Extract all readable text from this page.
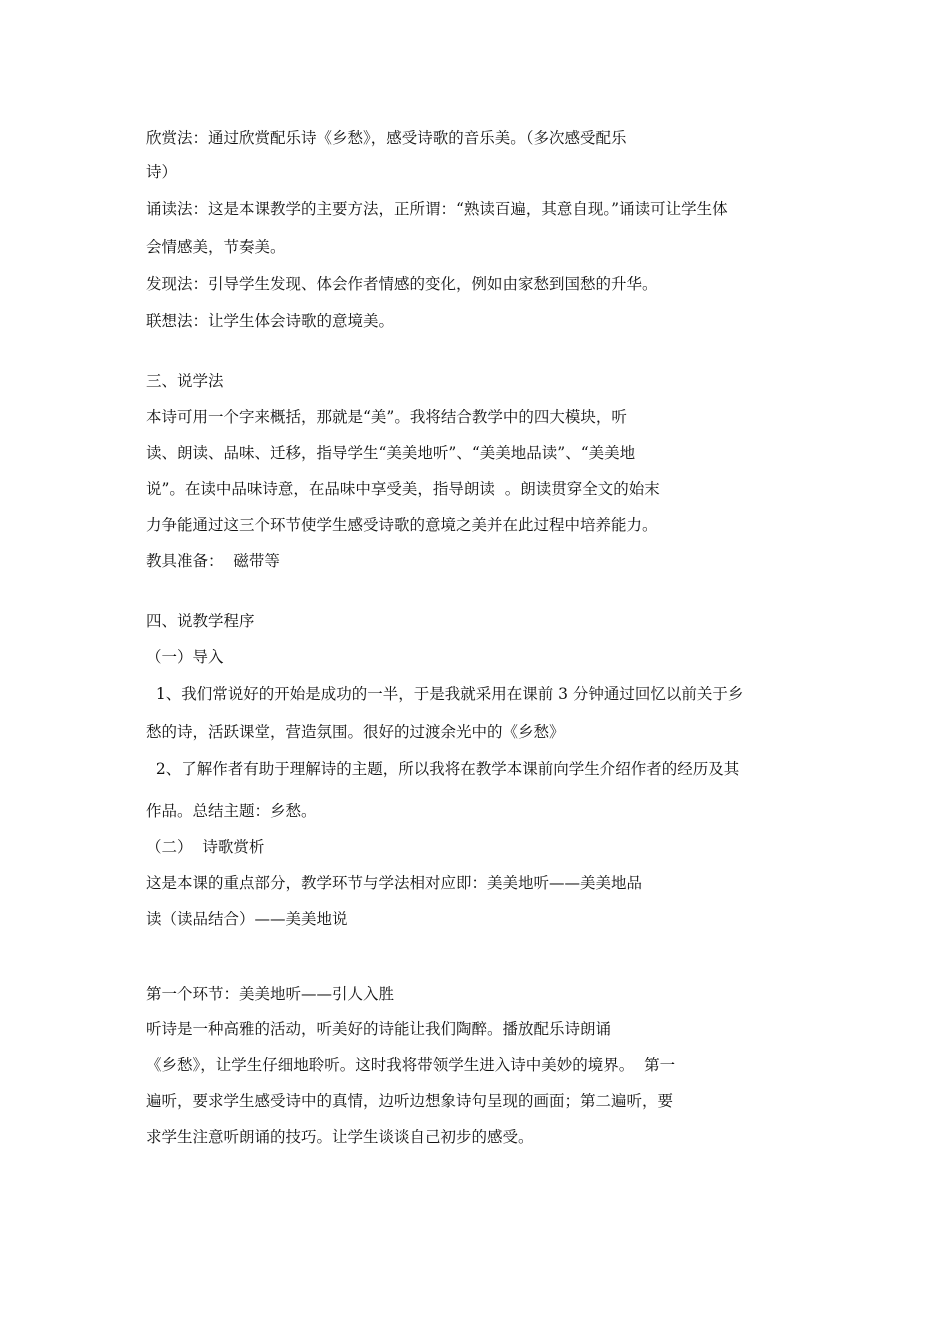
欣赏法：通过欣赏配乐诗《乡愁》，感受诗歌的音乐美。（多次感受配乐
诗）
诵读法：这是本课教学的主要方法，正所谓：“熟读百遍，其意自现。”诵读可让学生体
会情感美，节奏美。
发现法：引导学生发现、体会作者情感的变化，例如由家愁到国愁的升华。
联想法：让学生体会诗歌的意境美。
三、说学法
本诗可用一个字来概括，那就是“美”。我将结合教学中的四大模块，听
读、朗读、品味、迁移，指导学生“美美地听”、“美美地品读”、“美美地
说”。在读中品味诗意，在品味中享受美，指导朗读  。朗读贯穿全文的始末
力争能通过这三个环节使学生感受诗歌的意境之美并在此过程中培养能力。
教具准备：  磁带等
四、说教学程序
（一）导入
1、我们常说好的开始是成功的一半，于是我就采用在课前 3 分钟通过回忆以前关于乡
愁的诗，活跃课堂，营造氛围。很好的过渡余光中的《乡愁》
2、了解作者有助于理解诗的主题，所以我将在教学本课前向学生介绍作者的经历及其
作品。总结主题：乡愁。
（二）  诗歌赏析
这是本课的重点部分，教学环节与学法相对应即：美美地听——美美地品
读（读品结合）——美美地说
第一个环节：美美地听——引人入胜
听诗是一种高雅的活动，听美好的诗能让我们陶醉。播放配乐诗朗诵
《乡愁》，让学生仔细地聆听。这时我将带领学生进入诗中美妙的境界。  第一
遍听，要求学生感受诗中的真情，边听边想象诗句呈现的画面；第二遍听，要
求学生注意听朗诵的技巧。让学生谈谈自己初步的感受。
